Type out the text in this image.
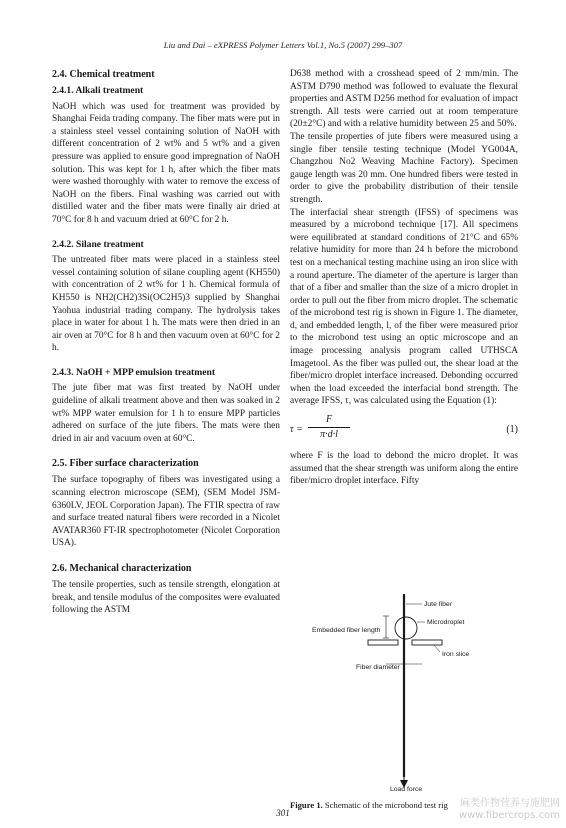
Liu and Dai – eXPRESS Polymer Letters Vol.1, No.5 (2007) 299–307
2.4. Chemical treatment
2.4.1. Alkali treatment

NaOH which was used for treatment was provided by Shanghai Feida trading company. The fiber mats were put in a stainless steel vessel containing solution of NaOH with different concentration of 2 wt% and 5 wt% and a given pressure was applied to ensure good impregnation of NaOH solution. This was kept for 1 h, after which the fiber mats were washed thoroughly with water to remove the excess of NaOH on the fibers. Final washing was carried out with distilled water and the fiber mats were finally air dried at 70°C for 8 h and vacuum dried at 60°C for 2 h.

2.4.2. Silane treatment

The untreated fiber mats were placed in a stainless steel vessel containing solution of silane coupling agent (KH550) with concentration of 2 wt% for 1 h. Chemical formula of KH550 is NH2(CH2)3Si(OC2H5)3 supplied by Shanghai Yaohua industrial trading company. The hydrolysis takes place in water for about 1 h. The mats were then dried in an air oven at 70°C for 8 h and then vacuum oven at 60°C for 2 h.

2.4.3. NaOH + MPP emulsion treatment

The jute fiber mat was first treated by NaOH under guideline of alkali treatment above and then was soaked in 2 wt% MPP water emulsion for 1 h to ensure MPP particles adhered on surface of the jute fibers. The mats were then dried in air and vacuum oven at 60°C.

2.5. Fiber surface characterization

The surface topography of fibers was investigated using a scanning electron microscope (SEM), (SEM Model JSM-6360LV, JEOL Corporation Japan). The FTIR spectra of raw and surface treated natural fibers were recorded in a Nicolet AVATAR360 FT-IR spectrophotometer (Nicolet Corporation USA).

2.6. Mechanical characterization

The tensile properties, such as tensile strength, elongation at break, and tensile modulus of the composites were evaluated following the ASTM

D638 method with a crosshead speed of 2 mm/min. The ASTM D790 method was followed to evaluate the flexural properties and ASTM D256 method for evaluation of impact strength. All tests were carried out at room temperature (20±2°C) and with a relative humidity between 25 and 50%.

The tensile properties of jute fibers were measured using a single fiber tensile testing technique (Model YG004A, Changzhou No2 Weaving Machine Factory). Specimen gauge length was 20 mm. One hundred fibers were tested in order to give the probability distribution of their tensile strength.

The interfacial shear strength (IFSS) of specimens was measured by a microbond technique [17]. All specimens were equilibrated at standard conditions of 21°C and 65% relative humidity for more than 24 h before the microbond test on a mechanical testing machine using an iron slice with a round aperture. The diameter of the aperture is larger than that of a fiber and smaller than the size of a micro droplet in order to pull out the fiber from micro droplet. The schematic of the microbond test rig is shown in Figure 1. The diameter, d, and embedded length, l, of the fiber were measured prior to the microbond test using an optic microscope and an image processing analysis program called UTHSCA Imagetool. As the fiber was pulled out, the shear load at the fiber/micro droplet interface increased. Debonding occurred when the load exceeded the interfacial bond strength. The average IFSS, τ, was calculated using the Equation (1):

τ =
F
π·d·l	(1)

where F is the load to debond the micro droplet. It was assumed that the shear strength was uniform along the entire fiber/micro droplet interface. Fifty

Jute fiber
Microdroplet
Embedded fiber length
Iron slice
Fiber diameter
Load force
Figure 1. Schematic of the microbond test rig
301
麻类作物营养与施肥网
www.fibercrops.com
